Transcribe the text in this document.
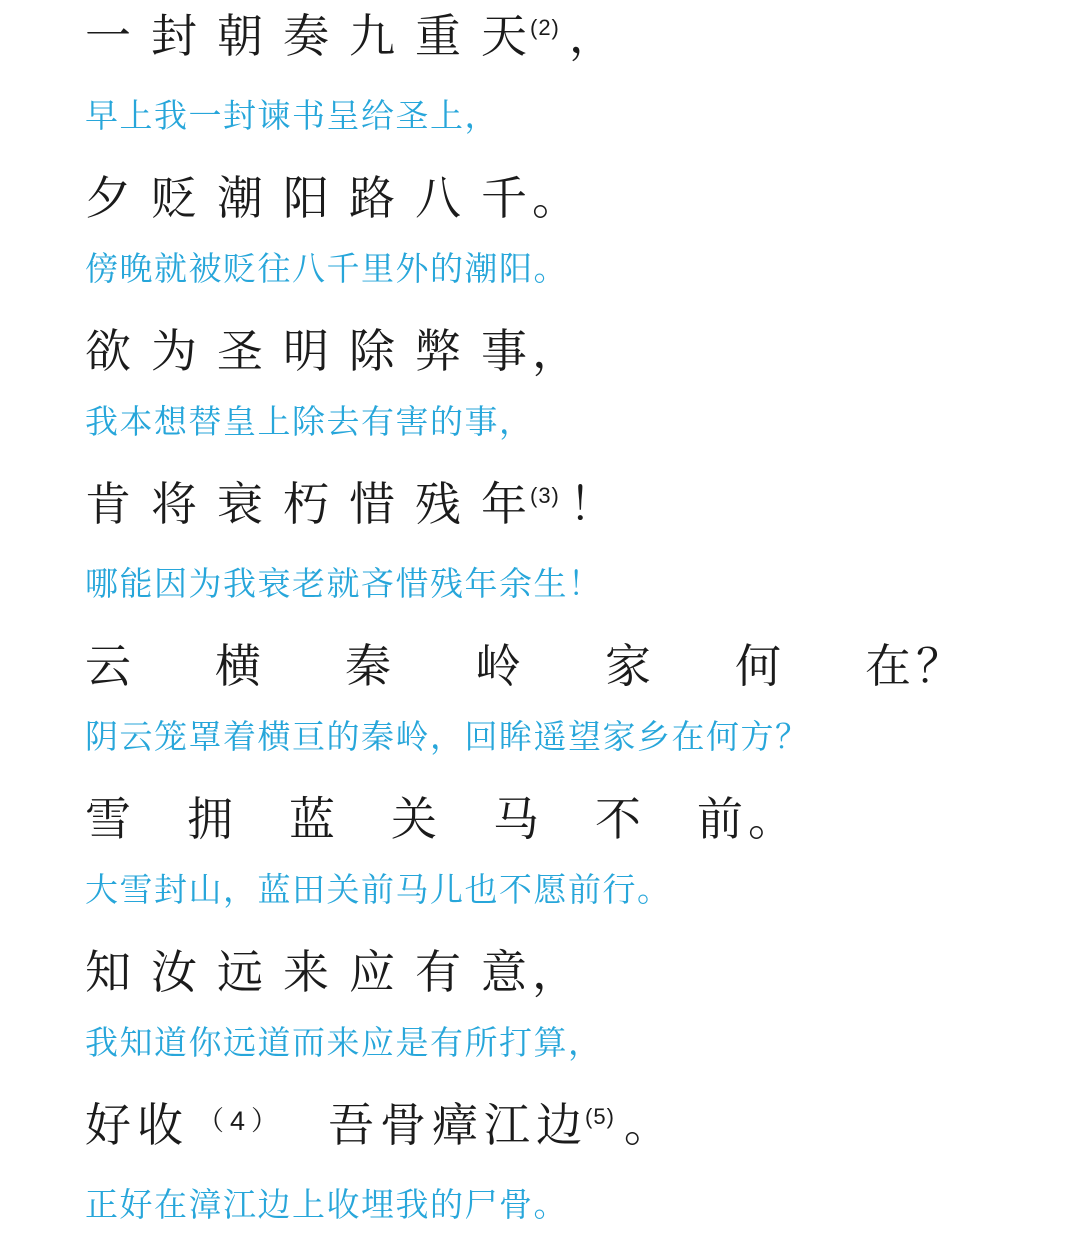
一 封 朝 奏 九 重 天 $^{(2)}$ ，
早上我一封谏书呈给圣上，
夕 贬 潮 阳 路 八 千 。
傍晚就被贬往八千里外的潮阳。
欲 为 圣 明 除 弊 事 ，
我本想替皇上除去有害的事，
肯 将 衰 朽 惜 残 年 $^{(3)}$ ！
哪能因为我衰老就吝惜残年余生！
云 横 秦 岭 家 何 在 ？
阴云笼罩着横亘的秦岭，回眸遥望家乡在何方？
雪 拥 蓝 关 马 不 前 。
大雪封山，蓝田关前马儿也不愿前行。
知 汝 远 来 应 有 意 ，
我知道你远道而来应是有所打算，
好 收 $^{(4)}$ 吾 骨 瘴 江 边 $^{(5)}$ 。
正好在漳江边上收埋我的尸骨。
